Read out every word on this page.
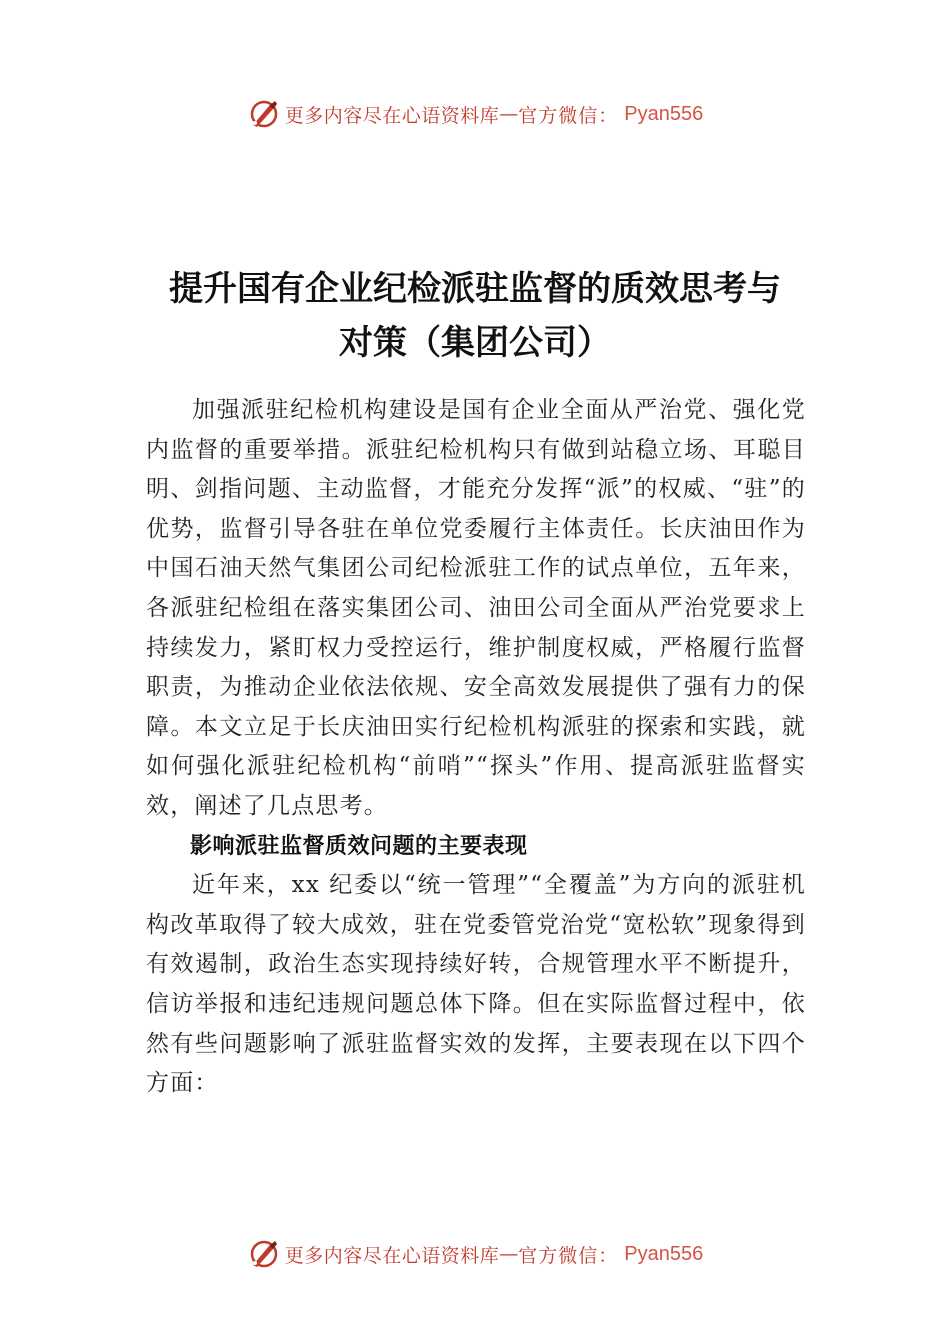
更多内容尽在心语资料库 — 官方微信： Pyan556
提升国有企业纪检派驻监督的质效思考与
对策（集团公司）

加强派驻纪检机构建设是国有企业全面从严治党、强化党内监督的重要举措。派驻纪检机构只有做到站稳立场、耳聪目明、剑指问题、主动监督，才能充分发挥“派”的权威、“驻”的优势，监督引导各驻在单位党委履行主体责任。长庆油田作为中国石油天然气集团公司纪检派驻工作的试点单位，五年来，各派驻纪检组在落实集团公司、油田公司全面从严治党要求上持续发力，紧盯权力受控运行，维护制度权威，严格履行监督职责，为推动企业依法依规、安全高效发展提供了强有力的保障。本文立足于长庆油田实行纪检机构派驻的探索和实践，就如何强化派驻纪检机构“前哨”“探头”作用、提高派驻监督实效，阐述了几点思考。

影响派驻监督质效问题的主要表现

近年来，xx 纪委以“统一管理”“全覆盖”为方向的派驻机构改革取得了较大成效，驻在党委管党治党“宽松软”现象得到有效遏制，政治生态实现持续好转，合规管理水平不断提升，信访举报和违纪违规问题总体下降。但在实际监督过程中，依然有些问题影响了派驻监督实效的发挥，主要表现在以下四个方面：

更多内容尽在心语资料库 — 官方微信： Pyan556
